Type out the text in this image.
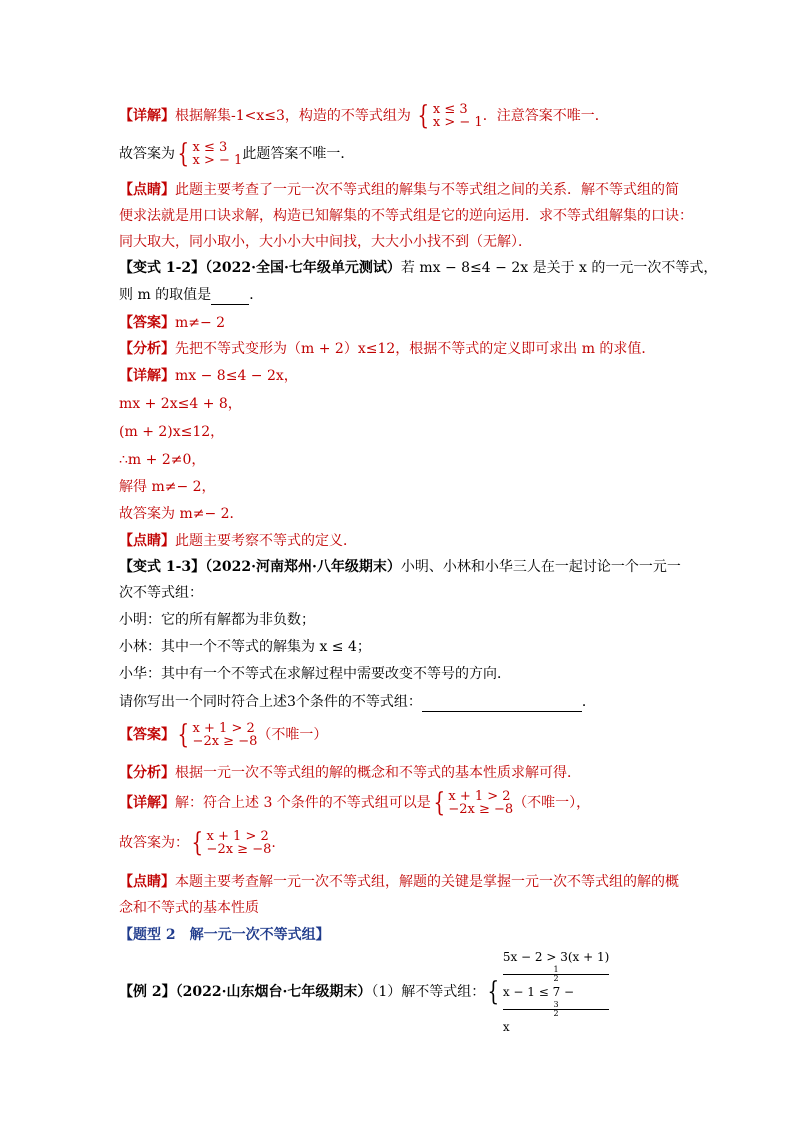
【详解】根据解集-1<x≤3，构造的不等式组为 { x ≤ 3
x > − 1 ．注意答案不唯一．
故答案为{ x ≤ 3
x > − 1 此题答案不唯一．
【点睛】此题主要考查了一元一次不等式组的解集与不等式组之间的关系．解不等式组的简
便求法就是用口诀求解，构造已知解集的不等式组是它的逆向运用．求不等式组解集的口诀：
同大取大，同小取小，大小小大中间找，大大小小找不到（无解）．
【变式 1-2】（2022·全国·七年级单元测试）若 mx − 8≤4 − 2x 是关于 x 的一元一次不等式，
则 m 的取值是	．
【答案】m≠− 2
【分析】先把不等式变形为（m + 2）x≤12，根据不等式的定义即可求出 m 的求值．
【详解】mx − 8≤4 − 2x，
mx + 2x≤4 + 8，
(m + 2)x≤12，
∴m + 2≠0，
解得 m≠− 2，
故答案为 m≠− 2．
【点睛】此题主要考察不等式的定义．
【变式 1-3】（2022·河南郑州·八年级期末）小明、小林和小华三人在一起讨论一个一元一
次不等式组：
小明：它的所有解都为非负数；
小林：其中一个不等式的解集为 x ≤ 4；
小华：其中有一个不等式在求解过程中需要改变不等号的方向．
请你写出一个同时符合上述3个条件的不等式组：	．
【答案】{ x + 1 > 2
−2x ≥ −8 （不唯一）
【分析】根据一元一次不等式组的解的概念和不等式的基本性质求解可得．
【详解】解：符合上述 3 个条件的不等式组可以是{ x + 1 > 2
−2x ≥ −8 （不唯一），
故答案为：{ x + 1 > 2
−2x ≥ −8 .
【点睛】本题主要考查解一元一次不等式组，解题的关键是掌握一元一次不等式组的解的概
念和不等式的基本性质
【题型 2　解一元一次不等式组】
【例 2】（2022·山东烟台·七年级期末）（1）解不等式组：{
5x − 2 > 3(x + 1)
1
2
x − 1 ≤ 7 −
3
2
x
